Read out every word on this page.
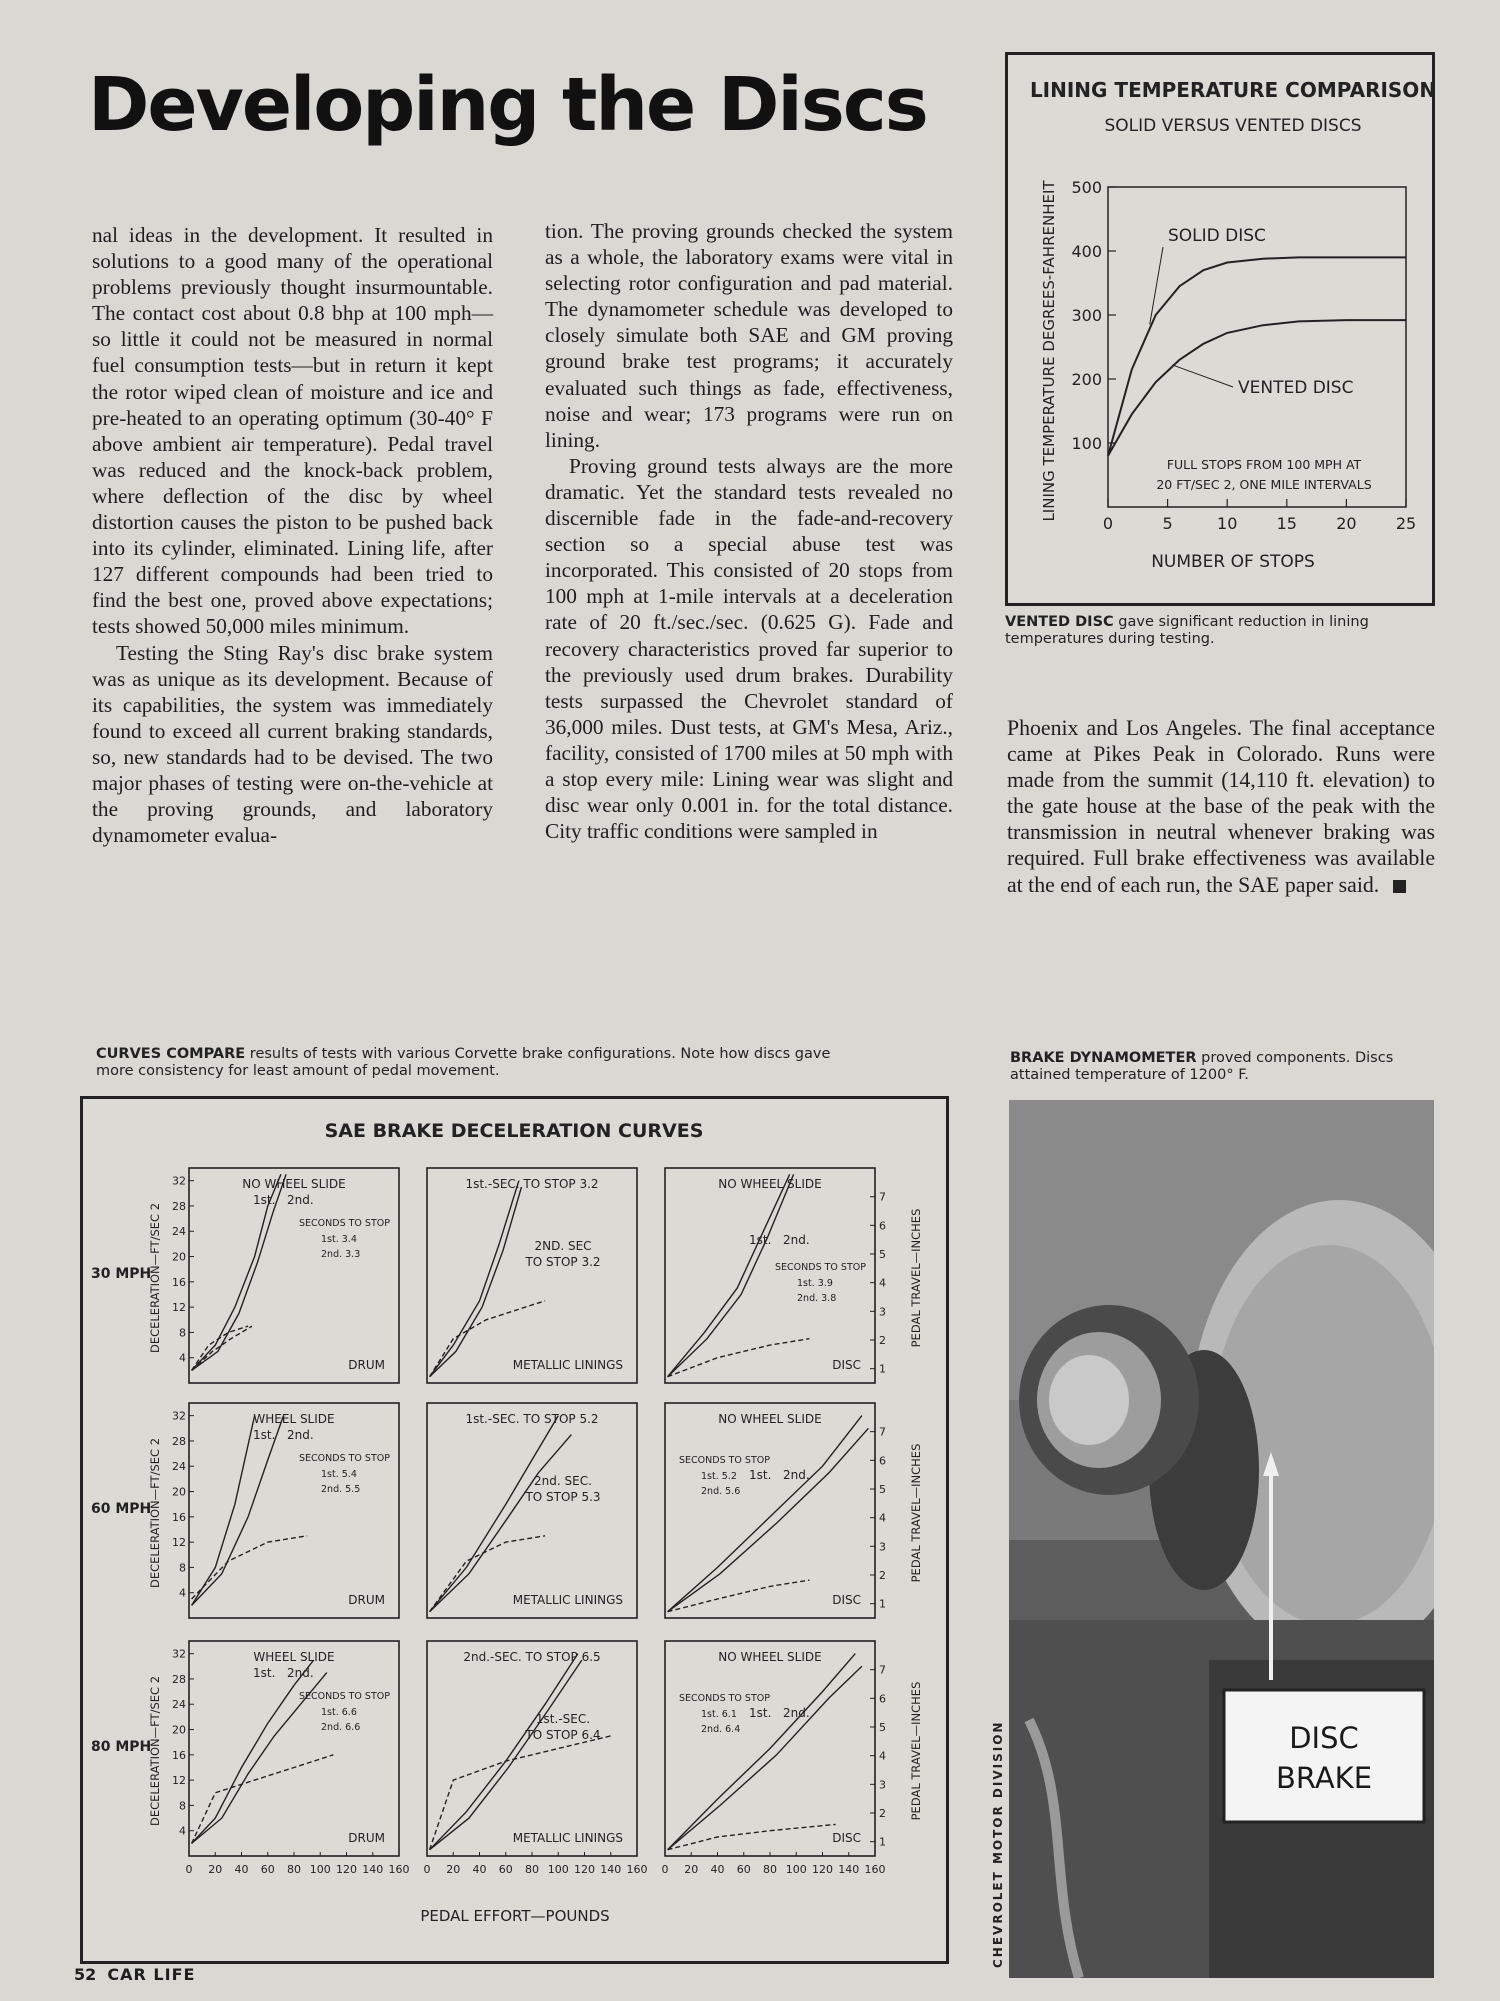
Developing the Discs

nal ideas in the development. It resulted in solutions to a good many of the operational problems previously thought insurmountable. The contact cost about 0.8 bhp at 100 mph—so little it could not be measured in normal fuel consumption tests—but in return it kept the rotor wiped clean of moisture and ice and pre-heated to an operating optimum (30-40° F above ambient air temperature). Pedal travel was reduced and the knock-back problem, where deflection of the disc by wheel distortion causes the piston to be pushed back into its cylinder, eliminated. Lining life, after 127 different compounds had been tried to find the best one, proved above expectations; tests showed 50,000 miles minimum.

Testing the Sting Ray's disc brake system was as unique as its development. Because of its capabilities, the system was immediately found to exceed all current braking standards, so, new standards had to be devised. The two major phases of testing were on-the-vehicle at the proving grounds, and laboratory dynamometer evalua-

tion. The proving grounds checked the system as a whole, the laboratory exams were vital in selecting rotor configuration and pad material. The dynamometer schedule was developed to closely simulate both SAE and GM proving ground brake test programs; it accurately evaluated such things as fade, effectiveness, noise and wear; 173 programs were run on lining.

Proving ground tests always are the more dramatic. Yet the standard tests revealed no discernible fade in the fade-and-recovery section so a special abuse test was incorporated. This consisted of 20 stops from 100 mph at 1-mile intervals at a deceleration rate of 20 ft./sec./sec. (0.625 G). Fade and recovery characteristics proved far superior to the previously used drum brakes. Durability tests surpassed the Chevrolet standard of 36,000 miles. Dust tests, at GM's Mesa, Ariz., facility, consisted of 1700 miles at 50 mph with a stop every mile: Lining wear was slight and disc wear only 0.001 in. for the total distance. City traffic conditions were sampled in

Phoenix and Los Angeles. The final acceptance came at Pikes Peak in Colorado. Runs were made from the summit (14,110 ft. elevation) to the gate house at the base of the peak with the transmission in neutral whenever braking was required. Full brake effectiveness was available at the end of each run, the SAE paper said.

LINING TEMPERATURE COMPARISON
SOLID VERSUS VENTED DISCS
100
200
300
400
500
0	5	10 15 20 25
SOLID DISC
VENTED DISC
NUMBER OF STOPS
LINING TEMPERATURE DEGREES-FAHRENHEIT	FULL STOPS FROM 100 MPH AT
20 FT/SEC 2, ONE MILE INTERVALS
VENTED DISC gave significant reduction in lining temperatures during testing.
CURVES COMPARE results of tests with various Corvette brake configurations. Note how discs gave more consistency for least amount of pedal movement.
SAE BRAKE DECELERATION CURVES
PEDAL EFFORT—POUNDS
30 MPH
DECELERATION—FT/SEC 2	PEDAL TRAVEL—INCHES
60 MPH
DECELERATION—FT/SEC 2	PEDAL TRAVEL—INCHES
80 MPH
DECELERATION—FT/SEC 2	PEDAL TRAVEL—INCHES
4
8
12
16
20
24
28
32	NO WHEEL SLIDE
DRUM
1st. 2nd.
SECONDS TO STOP
1st. 3.4
2nd. 3.3
1st.-SEC. TO STOP 3.2
METALLIC LININGS
2ND. SEC
TO STOP 3.2
1
2
3
4
5
6
7
NO WHEEL SLIDE
DISC
1st. 2nd.
SECONDS TO STOP
1st. 3.9
2nd. 3.8
4
8
12
16
20
24
28
32	WHEEL SLIDE
DRUM
1st. 2nd.
SECONDS TO STOP
1st. 5.4
2nd. 5.5
1st.-SEC. TO STOP 5.2
METALLIC LININGS
2nd. SEC.
TO STOP 5.3
1
2
3
4
5
6
7
NO WHEEL SLIDE
DISC
1st. 2nd.
SECONDS TO STOP
1st. 5.2
2nd. 5.6
4
8
12
16
20
24
28
32
0 20 40 60 80 100 120 140 160
WHEEL SLIDE
DRUM
1st. 2nd.
SECONDS TO STOP
1st. 6.6
2nd. 6.6
0 20 40 60 80 100 120 140 160
2nd.-SEC. TO STOP 6.5
METALLIC LININGS
1st.-SEC.
TO STOP 6.4
1
2
3
4
5
6
7
0 20 40 60 80 100 120 140 160
NO WHEEL SLIDE
DISC
1st. 2nd.
SECONDS TO STOP
1st. 6.1
2nd. 6.4
BRAKE DYNAMOMETER proved components. Discs attained temperature of 1200° F.
DISC
BRAKE
CHEVROLET MOTOR DIVISION
52 CAR LIFE
